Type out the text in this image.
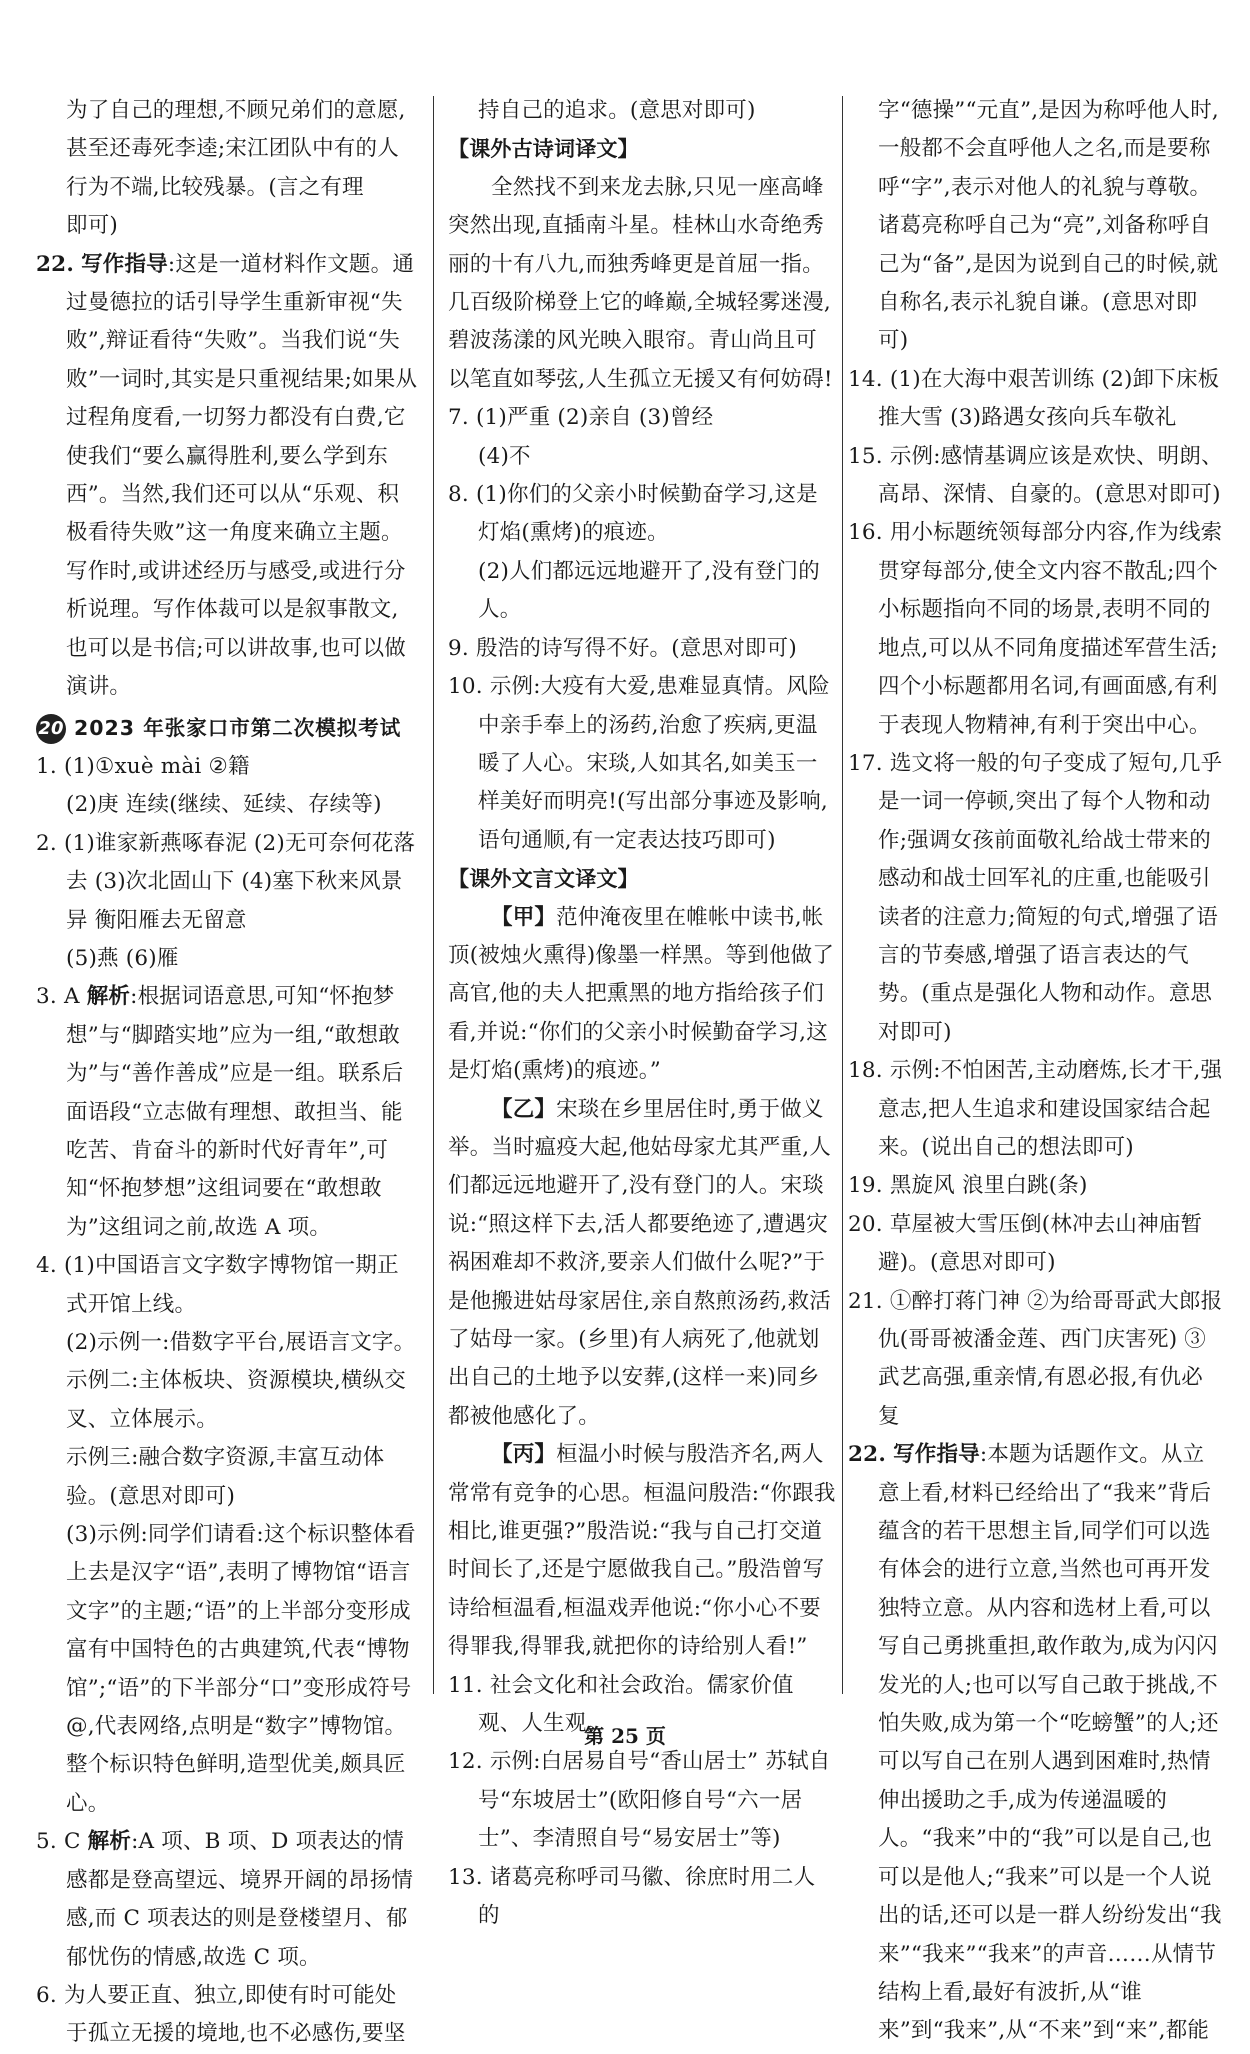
为了自己的理想,不顾兄弟们的意愿,

甚至还毒死李逵;宋江团队中有的人

行为不端,比较残暴。(言之有理

即可)

22. 写作指导:这是一道材料作文题。通过曼德拉的话引导学生重新审视“失败”,辩证看待“失败”。当我们说“失败”一词时,其实是只重视结果;如果从过程角度看,一切努力都没有白费,它使我们“要么赢得胜利,要么学到东西”。当然,我们还可以从“乐观、积极看待失败”这一角度来确立主题。写作时,或讲述经历与感受,或进行分析说理。写作体裁可以是叙事散文,也可以是书信;可以讲故事,也可以做演讲。

20 2023 年张家口市第二次模拟考试

1. (1)①xuè mài ②籍

(2)庚 连续(继续、延续、存续等)

2. (1)谁家新燕啄春泥 (2)无可奈何花落去 (3)次北固山下 (4)塞下秋来风景异 衡阳雁去无留意

(5)燕 (6)雁

3. A 解析:根据词语意思,可知“怀抱梦想”与“脚踏实地”应为一组,“敢想敢为”与“善作善成”应是一组。联系后面语段“立志做有理想、敢担当、能吃苦、肯奋斗的新时代好青年”,可知“怀抱梦想”这组词要在“敢想敢为”这组词之前,故选 A 项。

4. (1)中国语言文字数字博物馆一期正式开馆上线。

(2)示例一:借数字平台,展语言文字。

示例二:主体板块、资源模块,横纵交叉、立体展示。

示例三:融合数字资源,丰富互动体验。(意思对即可)

(3)示例:同学们请看:这个标识整体看上去是汉字“语”,表明了博物馆“语言文字”的主题;“语”的上半部分变形成富有中国特色的古典建筑,代表“博物馆”;“语”的下半部分“口”变形成符号 @,代表网络,点明是“数字”博物馆。整个标识特色鲜明,造型优美,颇具匠心。

5. C 解析:A 项、B 项、D 项表达的情感都是登高望远、境界开阔的昂扬情感,而 C 项表达的则是登楼望月、郁郁忧伤的情感,故选 C 项。

6. 为人要正直、独立,即使有时可能处于孤立无援的境地,也不必感伤,要坚

持自己的追求。(意思对即可)

【课外古诗词译文】

全然找不到来龙去脉,只见一座高峰突然出现,直插南斗星。桂林山水奇绝秀丽的十有八九,而独秀峰更是首屈一指。几百级阶梯登上它的峰巅,全城轻雾迷漫,碧波荡漾的风光映入眼帘。青山尚且可以笔直如琴弦,人生孤立无援又有何妨碍!

7. (1)严重 (2)亲自 (3)曾经

(4)不

8. (1)你们的父亲小时候勤奋学习,这是灯焰(熏烤)的痕迹。

(2)人们都远远地避开了,没有登门的人。

9. 殷浩的诗写得不好。(意思对即可)

10. 示例:大疫有大爱,患难显真情。风险中亲手奉上的汤药,治愈了疾病,更温暖了人心。宋琰,人如其名,如美玉一样美好而明亮!(写出部分事迹及影响,语句通顺,有一定表达技巧即可)

【课外文言文译文】

【甲】范仲淹夜里在帷帐中读书,帐顶(被烛火熏得)像墨一样黑。等到他做了高官,他的夫人把熏黑的地方指给孩子们看,并说:“你们的父亲小时候勤奋学习,这是灯焰(熏烤)的痕迹。”

【乙】宋琰在乡里居住时,勇于做义举。当时瘟疫大起,他姑母家尤其严重,人们都远远地避开了,没有登门的人。宋琰说:“照这样下去,活人都要绝迹了,遭遇灾祸困难却不救济,要亲人们做什么呢?”于是他搬进姑母家居住,亲自熬煎汤药,救活了姑母一家。(乡里)有人病死了,他就划出自己的土地予以安葬,(这样一来)同乡都被他感化了。

【丙】桓温小时候与殷浩齐名,两人常常有竞争的心思。桓温问殷浩:“你跟我相比,谁更强?”殷浩说:“我与自己打交道时间长了,还是宁愿做我自己。”殷浩曾写诗给桓温看,桓温戏弄他说:“你小心不要得罪我,得罪我,就把你的诗给别人看!”

11. 社会文化和社会政治。儒家价值观、人生观。

12. 示例:白居易自号“香山居士” 苏轼自号“东坡居士”(欧阳修自号“六一居士”、李清照自号“易安居士”等)

13. 诸葛亮称呼司马徽、徐庶时用二人的

字“德操”“元直”,是因为称呼他人时,一般都不会直呼他人之名,而是要称呼“字”,表示对他人的礼貌与尊敬。诸葛亮称呼自己为“亮”,刘备称呼自己为“备”,是因为说到自己的时候,就自称名,表示礼貌自谦。(意思对即可)

14. (1)在大海中艰苦训练 (2)卸下床板推大雪 (3)路遇女孩向兵车敬礼

15. 示例:感情基调应该是欢快、明朗、高昂、深情、自豪的。(意思对即可)

16. 用小标题统领每部分内容,作为线索贯穿每部分,使全文内容不散乱;四个小标题指向不同的场景,表明不同的地点,可以从不同角度描述军营生活;四个小标题都用名词,有画面感,有利于表现人物精神,有利于突出中心。

17. 选文将一般的句子变成了短句,几乎是一词一停顿,突出了每个人物和动作;强调女孩前面敬礼给战士带来的感动和战士回军礼的庄重,也能吸引读者的注意力;简短的句式,增强了语言的节奏感,增强了语言表达的气势。(重点是强化人物和动作。意思对即可)

18. 示例:不怕困苦,主动磨炼,长才干,强意志,把人生追求和建设国家结合起来。(说出自己的想法即可)

19. 黑旋风 浪里白跳(条)

20. 草屋被大雪压倒(林冲去山神庙暂避)。(意思对即可)

21. ①醉打蒋门神 ②为给哥哥武大郎报仇(哥哥被潘金莲、西门庆害死) ③武艺高强,重亲情,有恩必报,有仇必复

22. 写作指导:本题为话题作文。从立意上看,材料已经给出了“我来”背后蕴含的若干思想主旨,同学们可以选有体会的进行立意,当然也可再开发独特立意。从内容和选材上看,可以写自己勇挑重担,敢作敢为,成为闪闪发光的人;也可以写自己敢于挑战,不怕失败,成为第一个“吃螃蟹”的人;还可以写自己在别人遇到困难时,热情伸出援助之手,成为传递温暖的人。“我来”中的“我”可以是自己,也可以是他人;“我来”可以是一个人说出的话,还可以是一群人纷纷发出“我来”“我来”“我来”的声音……从情节结构上看,最好有波折,从“谁来”到“我来”,从“不来”到“来”,都能

第 25 页
